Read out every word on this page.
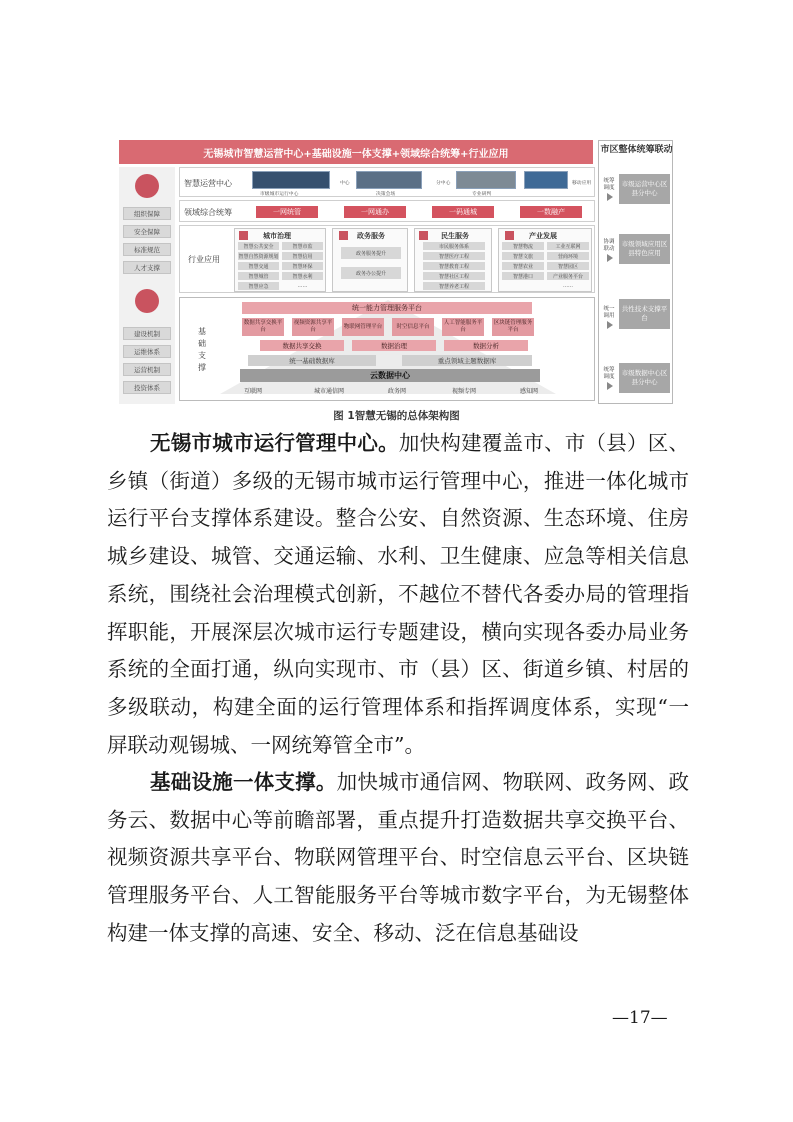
无锡城市智慧运营中心+基础设施一体支撑+领域综合统筹+行业应用	市区整体统筹联动
统筹调度	市级运营中心区县分中心
协调联动
市级领域应用区县特色应用
统一调用
共性技术支撑平台
统筹调度	市级数据中心区县分中心
组织保障
安全保障
标准规范
人才支撑
建设机制
运维体系
运营机制
投资体系
智慧运营中心
市级城市运行中心
中心
决策会场
分中心
专业研判
移动应用
领域综合统筹	一网统管	一网通办	一码通城	一数融产
行业应用
城市治理
智慧公共安全	智慧市监
智慧自然资源规划	智慧信用
智慧交通	智慧环保
智慧城管	智慧水利
智慧应急	……
政务服务
政务服务提升
政务办公提升
民生服务
市民服务体系
智慧医疗工程
智慧教育工程
智慧社区工程
智慧养老工程
产业发展
智慧物流	工业互联网
智慧文旅	营商环境
智慧农业	智慧园区
智慧港口	产业服务平台
……
基础支撑
统一能力管理服务平台
数据共享交换平台
视频资源共享平台
物联网管理平台	时空信息平台
人工智能服务平台
区块链管理服务平台
数据共享交换	数据治理	数据分析
统一基础数据库	重点领域主题数据库
云数据中心
互联网	城市通信网	政务网	视频专网	感知网
图 1智慧无锡的总体架构图

无锡市城市运行管理中心。加快构建覆盖市、市（县）区、乡镇（街道）多级的无锡市城市运行管理中心，推进一体化城市运行平台支撑体系建设。整合公安、自然资源、生态环境、住房城乡建设、城管、交通运输、水利、卫生健康、应急等相关信息系统，围绕社会治理模式创新，不越位不替代各委办局的管理指挥职能，开展深层次城市运行专题建设，横向实现各委办局业务系统的全面打通，纵向实现市、市（县）区、街道乡镇、村居的多级联动，构建全面的运行管理体系和指挥调度体系，实现“一屏联动观锡城、一网统筹管全市”。

基础设施一体支撑。加快城市通信网、物联网、政务网、政务云、数据中心等前瞻部署，重点提升打造数据共享交换平台、视频资源共享平台、物联网管理平台、时空信息云平台、区块链管理服务平台、人工智能服务平台等城市数字平台，为无锡整体构建一体支撑的高速、安全、移动、泛在信息基础设

—17—
